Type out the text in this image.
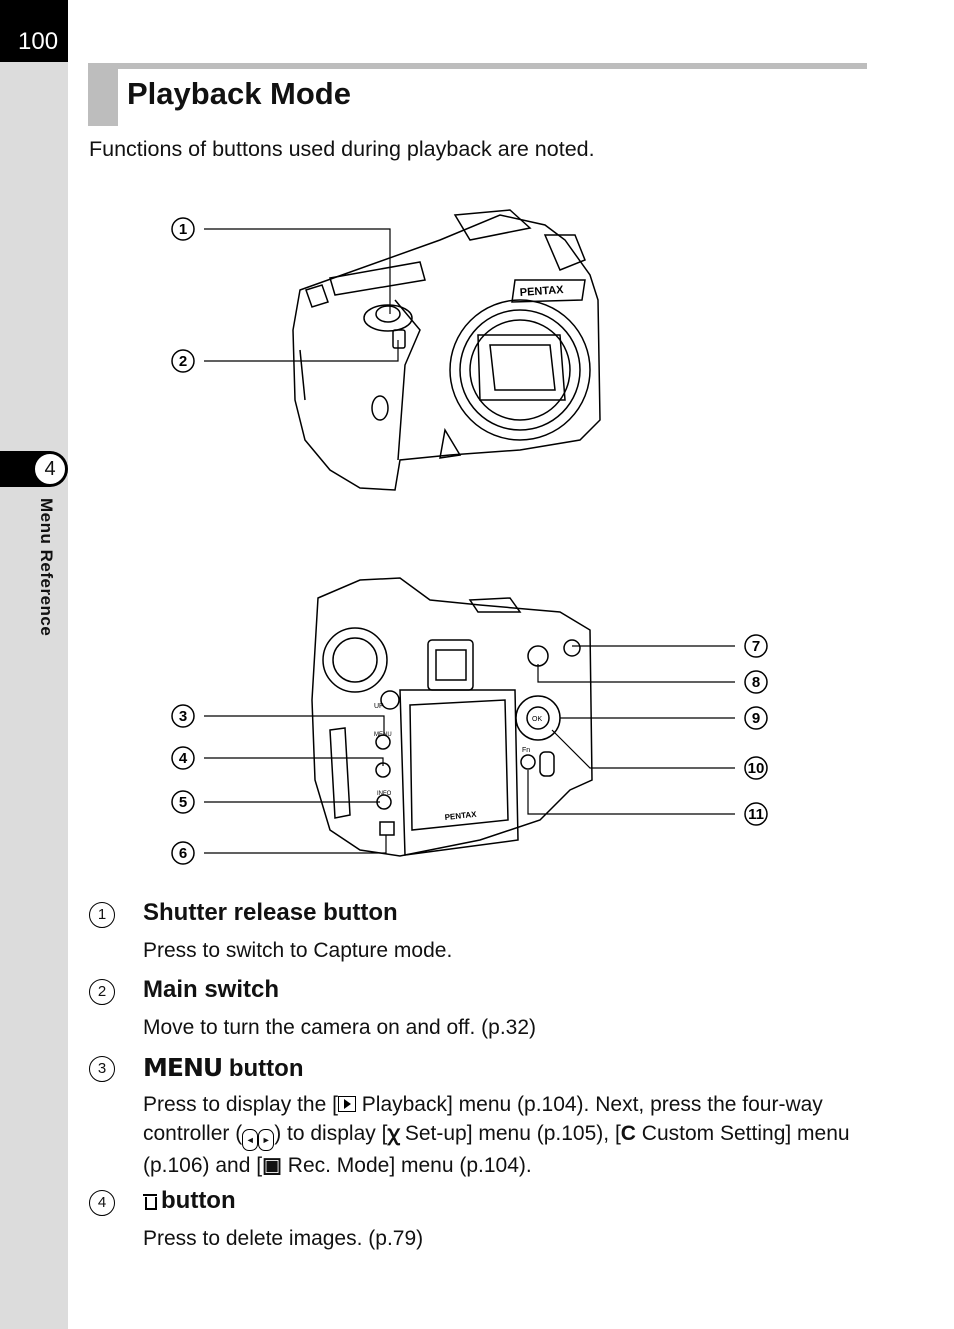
100
4
Menu Reference
Playback Mode
Functions of buttons used during playback are noted.
PENTAX
PENTAX
MENU
INFO
Fn
UP
OK
1
2
3
4
5
6
7
8
9
10
11
1	Shutter release button
Press to switch to Capture mode.
2	Main switch
Move to turn the camera on and off. (p.32)
3	MENU button
Press to display the [ Playback] menu (p.104). Next, press the four-way controller ( ◄ ► ) to display [ꭓ Set-up] menu (p.105), [C Custom Setting] menu (p.106) and [▣ Rec. Mode] menu (p.104).
4	button
Press to delete images. (p.79)
